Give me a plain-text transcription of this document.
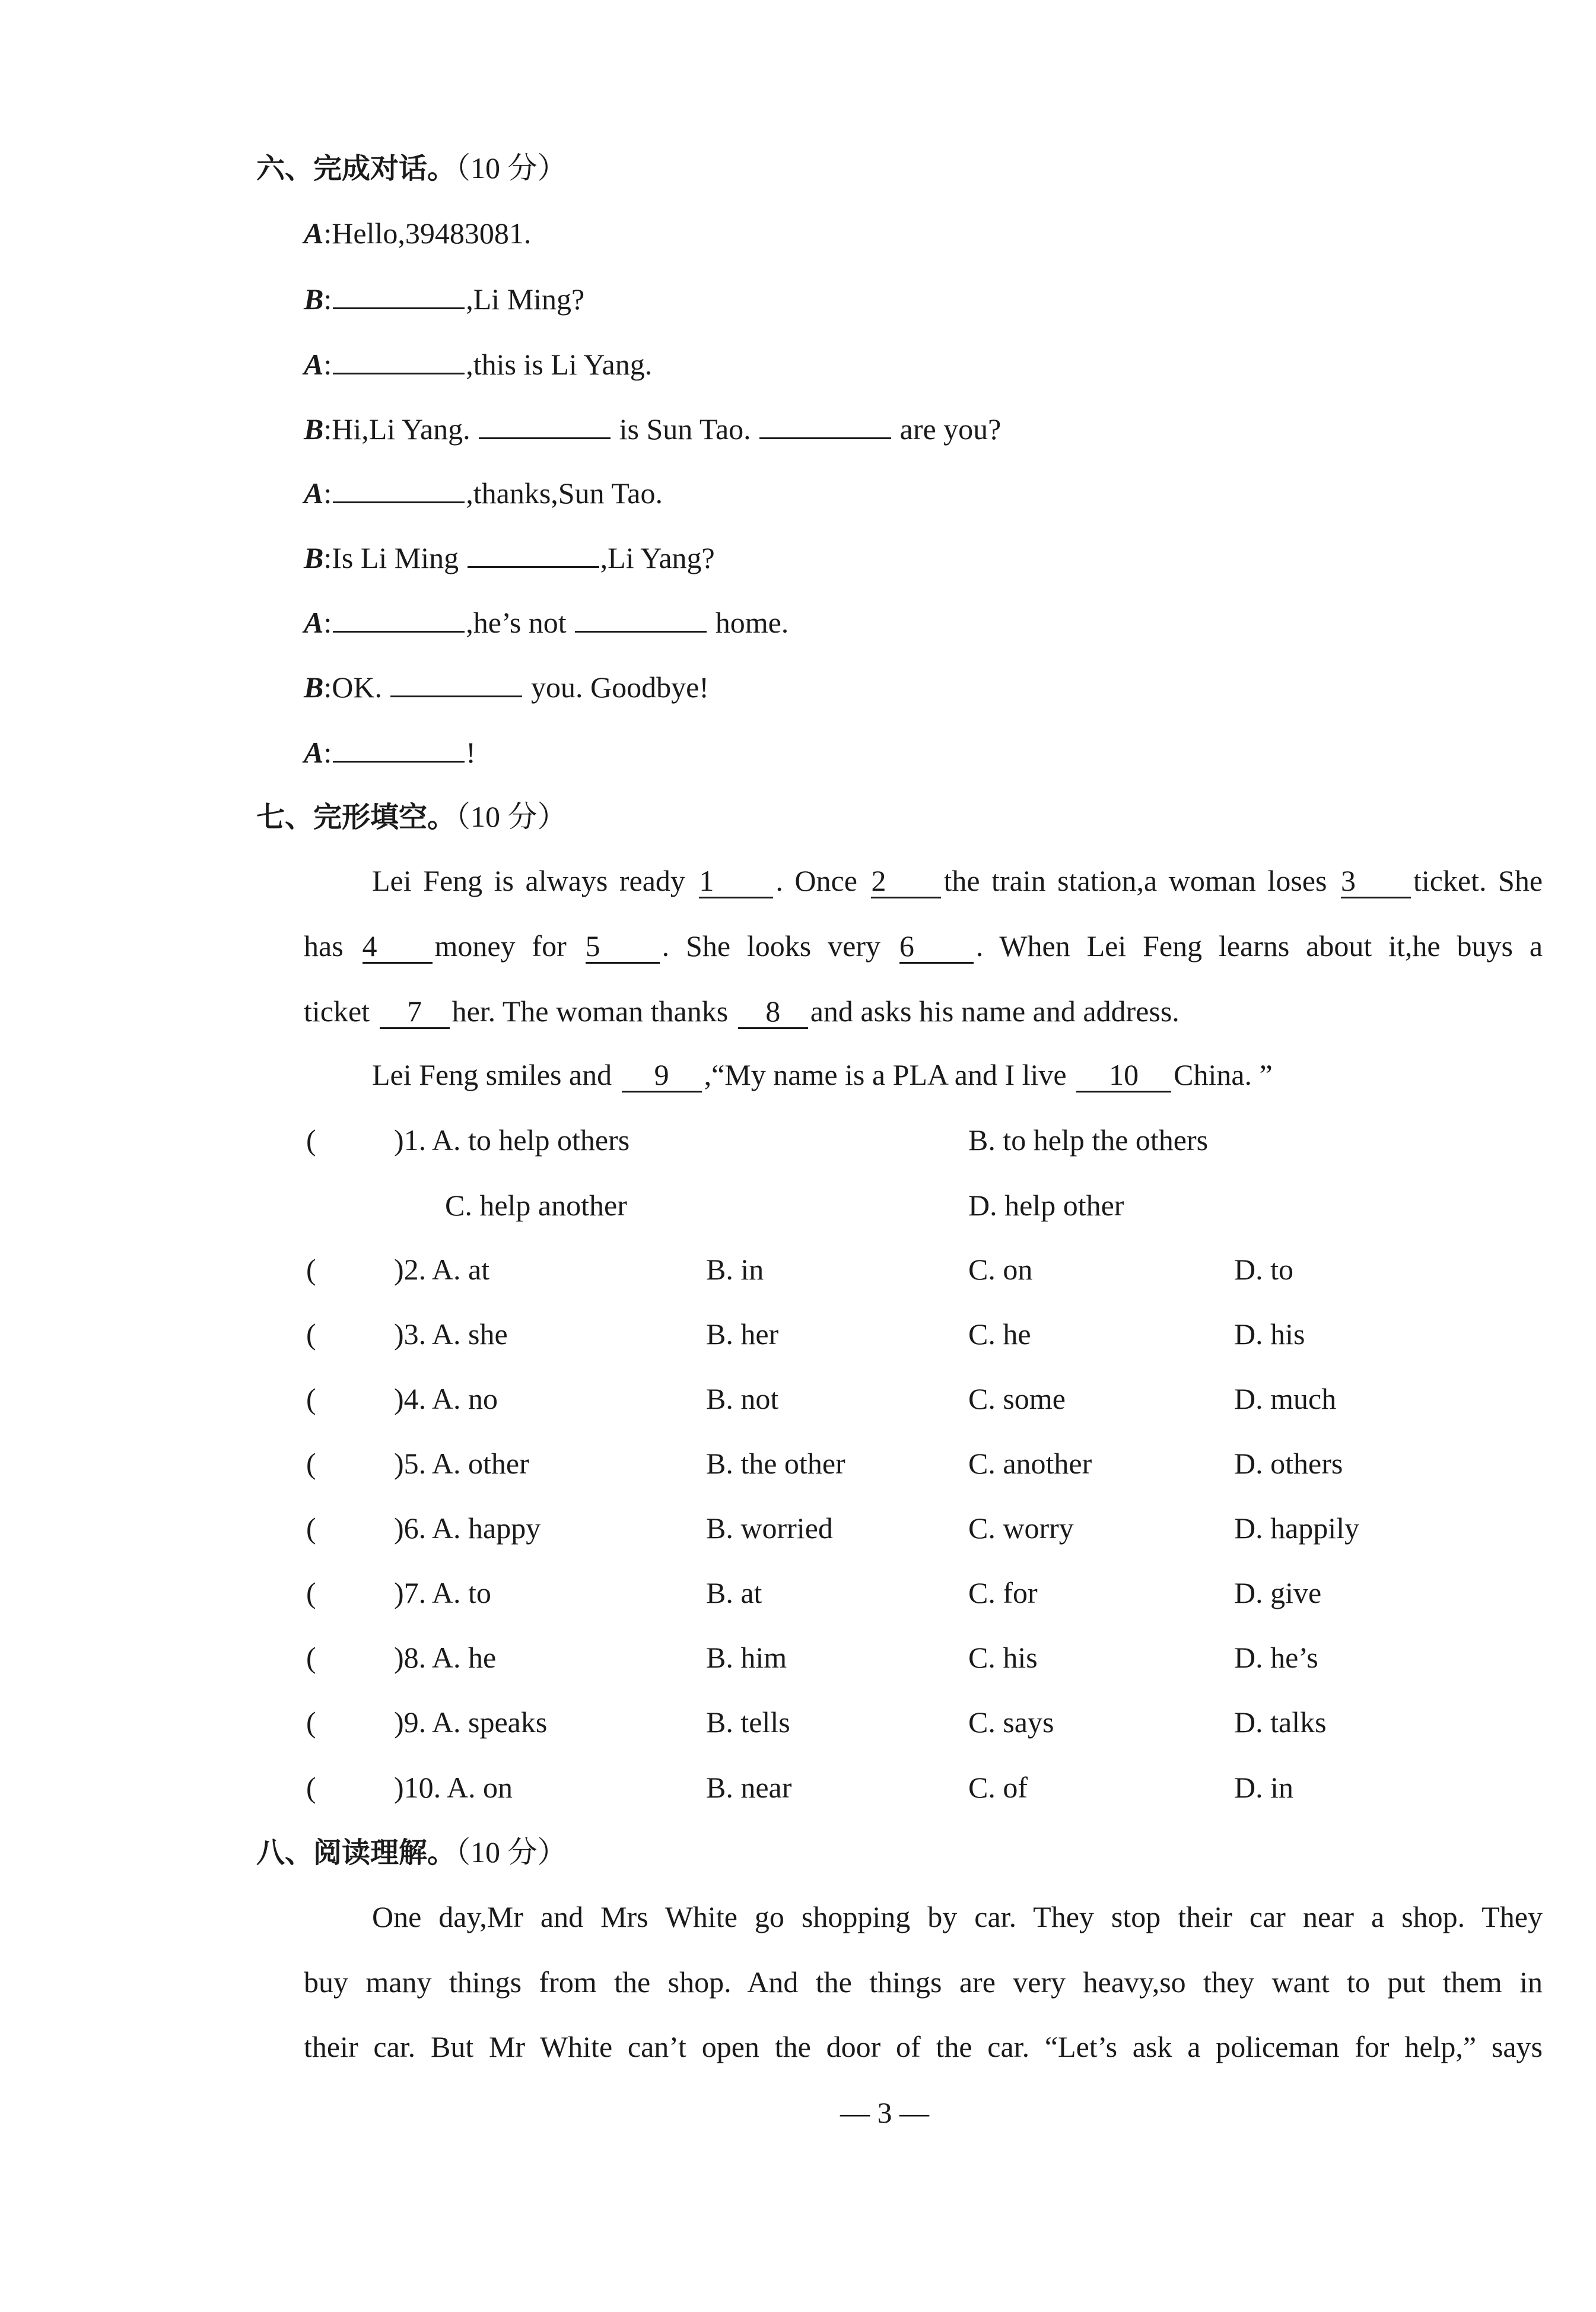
六、完成对话。（10 分）
A:Hello,39483081.
B:	,Li Ming?
A:	,this is Li Yang.
B:Hi,Li Yang.	is Sun Tao.	are you?
A:	,thanks,Sun Tao.
B:Is Li Ming	,Li Yang?
A:	,he’s not	home.
B:OK.	you. Goodbye!
A:	!
七、完形填空。（10 分）
Lei Feng is always ready 1 . Once 2 the train station,a woman loses 3 ticket. She
has 4 money for 5 . She looks very 6 . When Lei Feng learns about it,he buys a
ticket 7 her. The woman thanks 8 and asks his name and address.
Lei Feng smiles and 9 ,“My name is a PLA and I live 10 China. ”
(	)1. A. to help others	B. to help the others
C. help another	D. help other
(	)2. A. at	B. in	C. on	D. to
(	)3. A. she	B. her	C. he	D. his
(	)4. A. no	B. not	C. some	D. much
(	)5. A. other	B. the other	C. another	D. others
(	)6. A. happy	B. worried	C. worry	D. happily
(	)7. A. to	B. at	C. for	D. give
(	)8. A. he	B. him	C. his	D. he’s
(	)9. A. speaks	B. tells	C. says	D. talks
(	)10. A. on	B. near	C. of	D. in
八、阅读理解。（10 分）
One day,Mr and Mrs White go shopping by car. They stop their car near a shop. They
buy many things from the shop. And the things are very heavy,so they want to put them in
their car. But Mr White can’t open the door of the car. “Let’s ask a policeman for help,” says
— 3 —
